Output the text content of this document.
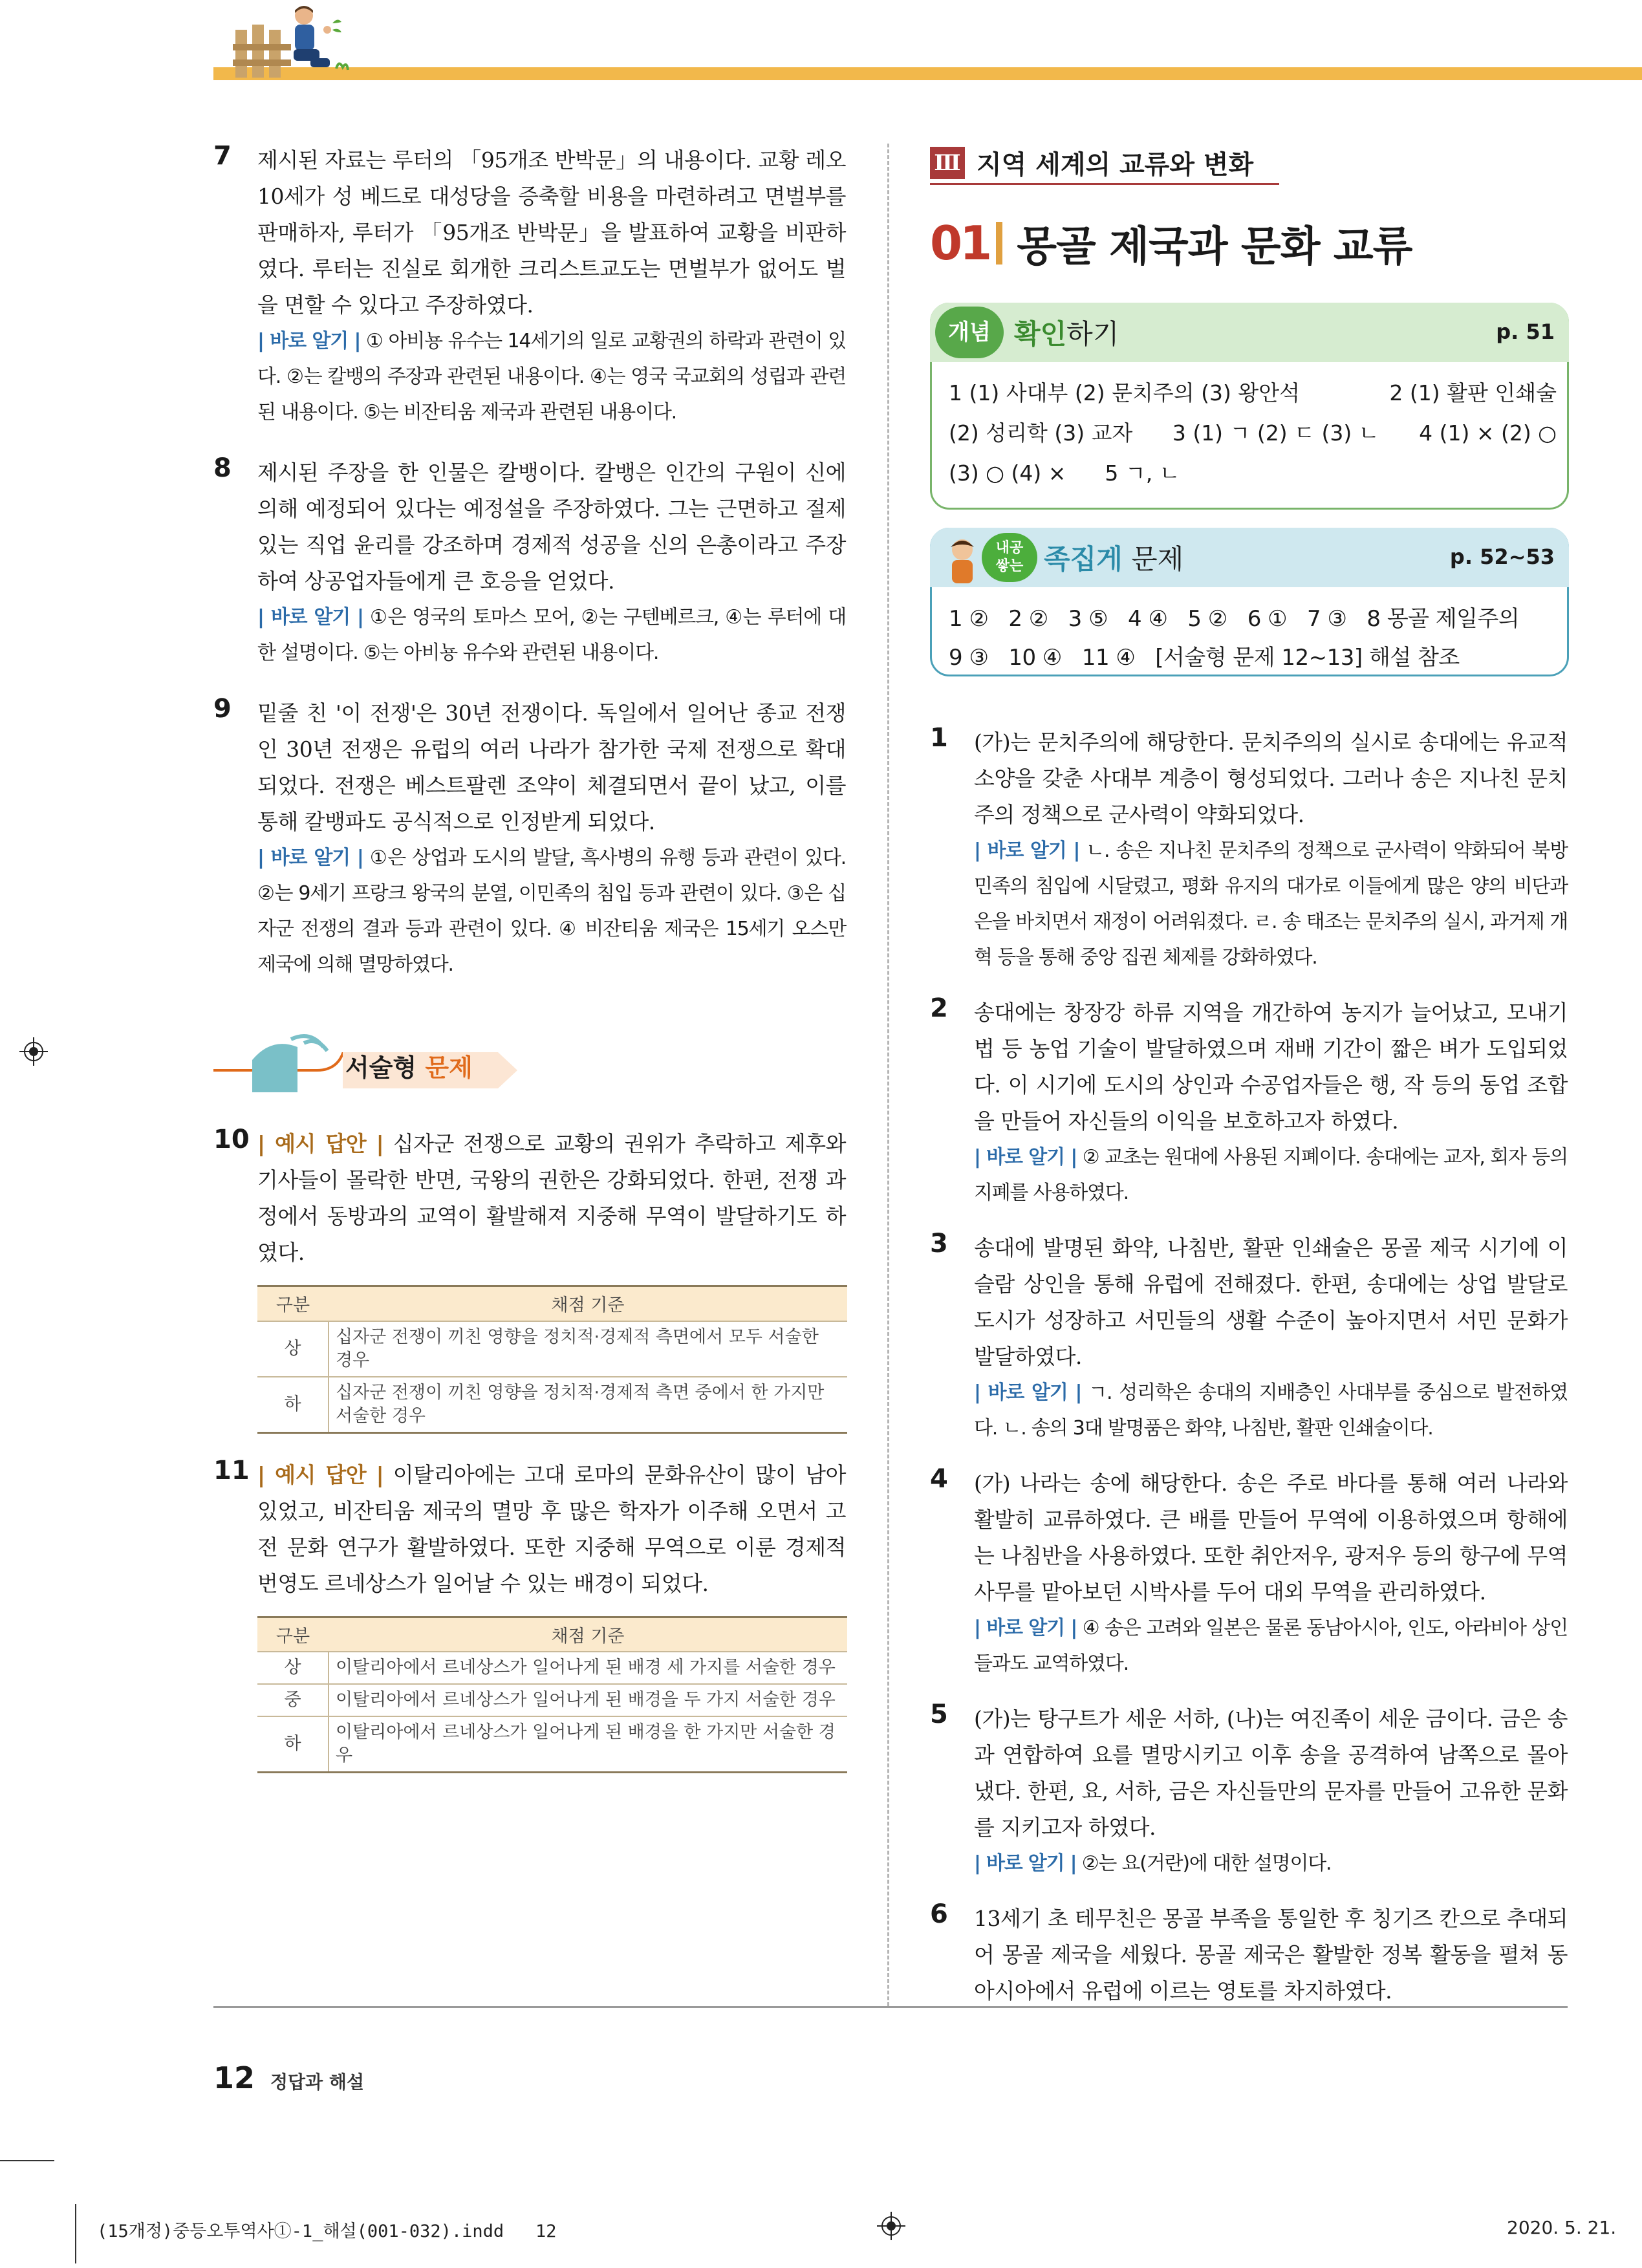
7 제시된 자료는 루터의 「95개조 반박문」의 내용이다. 교황 레오 10세가 성 베드로 대성당을 증축할 비용을 마련하려고 면벌부를 판매하자, 루터가 「95개조 반박문」을 발표하여 교황을 비판하였다. 루터는 진실로 회개한 크리스트교도는 면벌부가 없어도 벌을 면할 수 있다고 주장하였다.

| 바로 알기 | ① 아비뇽 유수는 14세기의 일로 교황권의 하락과 관련이 있다. ②는 칼뱅의 주장과 관련된 내용이다. ④는 영국 국교회의 성립과 관련된 내용이다. ⑤는 비잔티움 제국과 관련된 내용이다.

8 제시된 주장을 한 인물은 칼뱅이다. 칼뱅은 인간의 구원이 신에 의해 예정되어 있다는 예정설을 주장하였다. 그는 근면하고 절제 있는 직업 윤리를 강조하며 경제적 성공을 신의 은총이라고 주장하여 상공업자들에게 큰 호응을 얻었다.

| 바로 알기 | ①은 영국의 토마스 모어, ②는 구텐베르크, ④는 루터에 대한 설명이다. ⑤는 아비뇽 유수와 관련된 내용이다.

9 밑줄 친 '이 전쟁'은 30년 전쟁이다. 독일에서 일어난 종교 전쟁인 30년 전쟁은 유럽의 여러 나라가 참가한 국제 전쟁으로 확대되었다. 전쟁은 베스트팔렌 조약이 체결되면서 끝이 났고, 이를 통해 칼뱅파도 공식적으로 인정받게 되었다.

| 바로 알기 | ①은 상업과 도시의 발달, 흑사병의 유행 등과 관련이 있다. ②는 9세기 프랑크 왕국의 분열, 이민족의 침입 등과 관련이 있다. ③은 십자군 전쟁의 결과 등과 관련이 있다. ④ 비잔티움 제국은 15세기 오스만 제국에 의해 멸망하였다.

서술형 문제
10 | 예시 답안 | 십자군 전쟁으로 교황의 권위가 추락하고 제후와 기사들이 몰락한 반면, 국왕의 권한은 강화되었다. 한편, 전쟁 과정에서 동방과의 교역이 활발해져 지중해 무역이 발달하기도 하였다.

구분	채점 기준
상	십자군 전쟁이 끼친 영향을 정치적·경제적 측면에서 모두 서술한 경우
하	십자군 전쟁이 끼친 영향을 정치적·경제적 측면 중에서 한 가지만 서술한 경우
11 | 예시 답안 | 이탈리아에는 고대 로마의 문화유산이 많이 남아 있었고, 비잔티움 제국의 멸망 후 많은 학자가 이주해 오면서 고전 문화 연구가 활발하였다. 또한 지중해 무역으로 이룬 경제적 번영도 르네상스가 일어날 수 있는 배경이 되었다.

구분	채점 기준
상	이탈리아에서 르네상스가 일어나게 된 배경 세 가지를 서술한 경우
중	이탈리아에서 르네상스가 일어나게 된 배경을 두 가지 서술한 경우
하	이탈리아에서 르네상스가 일어나게 된 배경을 한 가지만 서술한 경우
Ⅲ 지역 세계의 교류와 변화
01 몽골 제국과 문화 교류
개념 확인하기	p. 51
1 (1) 사대부 (2) 문치주의 (3) 왕안석	2 (1) 활판 인쇄술
(2) 성리학 (3) 교자 3 (1) ㄱ (2) ㄷ (3) ㄴ 4 (1) × (2) ○
(3) ○ (4) × 5 ㄱ, ㄴ
내공
쌓는 족집게 문제	p. 52~53
1 ②   2 ②   3 ⑤   4 ④   5 ②   6 ①   7 ③   8 몽골 제일주의
9 ③   10 ④   11 ④   [서술형 문제 12~13] 해설 참조
1 (가)는 문치주의에 해당한다. 문치주의의 실시로 송대에는 유교적 소양을 갖춘 사대부 계층이 형성되었다. 그러나 송은 지나친 문치주의 정책으로 군사력이 약화되었다.

| 바로 알기 | ㄴ. 송은 지나친 문치주의 정책으로 군사력이 약화되어 북방 민족의 침입에 시달렸고, 평화 유지의 대가로 이들에게 많은 양의 비단과 은을 바치면서 재정이 어려워졌다. ㄹ. 송 태조는 문치주의 실시, 과거제 개혁 등을 통해 중앙 집권 체제를 강화하였다.

2 송대에는 창장강 하류 지역을 개간하여 농지가 늘어났고, 모내기법 등 농업 기술이 발달하였으며 재배 기간이 짧은 벼가 도입되었다. 이 시기에 도시의 상인과 수공업자들은 행, 작 등의 동업 조합을 만들어 자신들의 이익을 보호하고자 하였다.

| 바로 알기 | ② 교초는 원대에 사용된 지폐이다. 송대에는 교자, 회자 등의 지폐를 사용하였다.

3 송대에 발명된 화약, 나침반, 활판 인쇄술은 몽골 제국 시기에 이슬람 상인을 통해 유럽에 전해졌다. 한편, 송대에는 상업 발달로 도시가 성장하고 서민들의 생활 수준이 높아지면서 서민 문화가 발달하였다.

| 바로 알기 | ㄱ. 성리학은 송대의 지배층인 사대부를 중심으로 발전하였다. ㄴ. 송의 3대 발명품은 화약, 나침반, 활판 인쇄술이다.

4 (가) 나라는 송에 해당한다. 송은 주로 바다를 통해 여러 나라와 활발히 교류하였다. 큰 배를 만들어 무역에 이용하였으며 항해에는 나침반을 사용하였다. 또한 취안저우, 광저우 등의 항구에 무역 사무를 맡아보던 시박사를 두어 대외 무역을 관리하였다.

| 바로 알기 | ④ 송은 고려와 일본은 물론 동남아시아, 인도, 아라비아 상인들과도 교역하였다.

5 (가)는 탕구트가 세운 서하, (나)는 여진족이 세운 금이다. 금은 송과 연합하여 요를 멸망시키고 이후 송을 공격하여 남쪽으로 몰아냈다. 한편, 요, 서하, 금은 자신들만의 문자를 만들어 고유한 문화를 지키고자 하였다.

| 바로 알기 | ②는 요(거란)에 대한 설명이다.

6 13세기 초 테무친은 몽골 부족을 통일한 후 칭기즈 칸으로 추대되어 몽골 제국을 세웠다. 몽골 제국은 활발한 정복 활동을 펼쳐 동아시아에서 유럽에 이르는 영토를 차지하였다.

12 정답과 해설
(15개정)중등오투역사①-1_해설(001-032).indd   12	2020. 5. 21.
